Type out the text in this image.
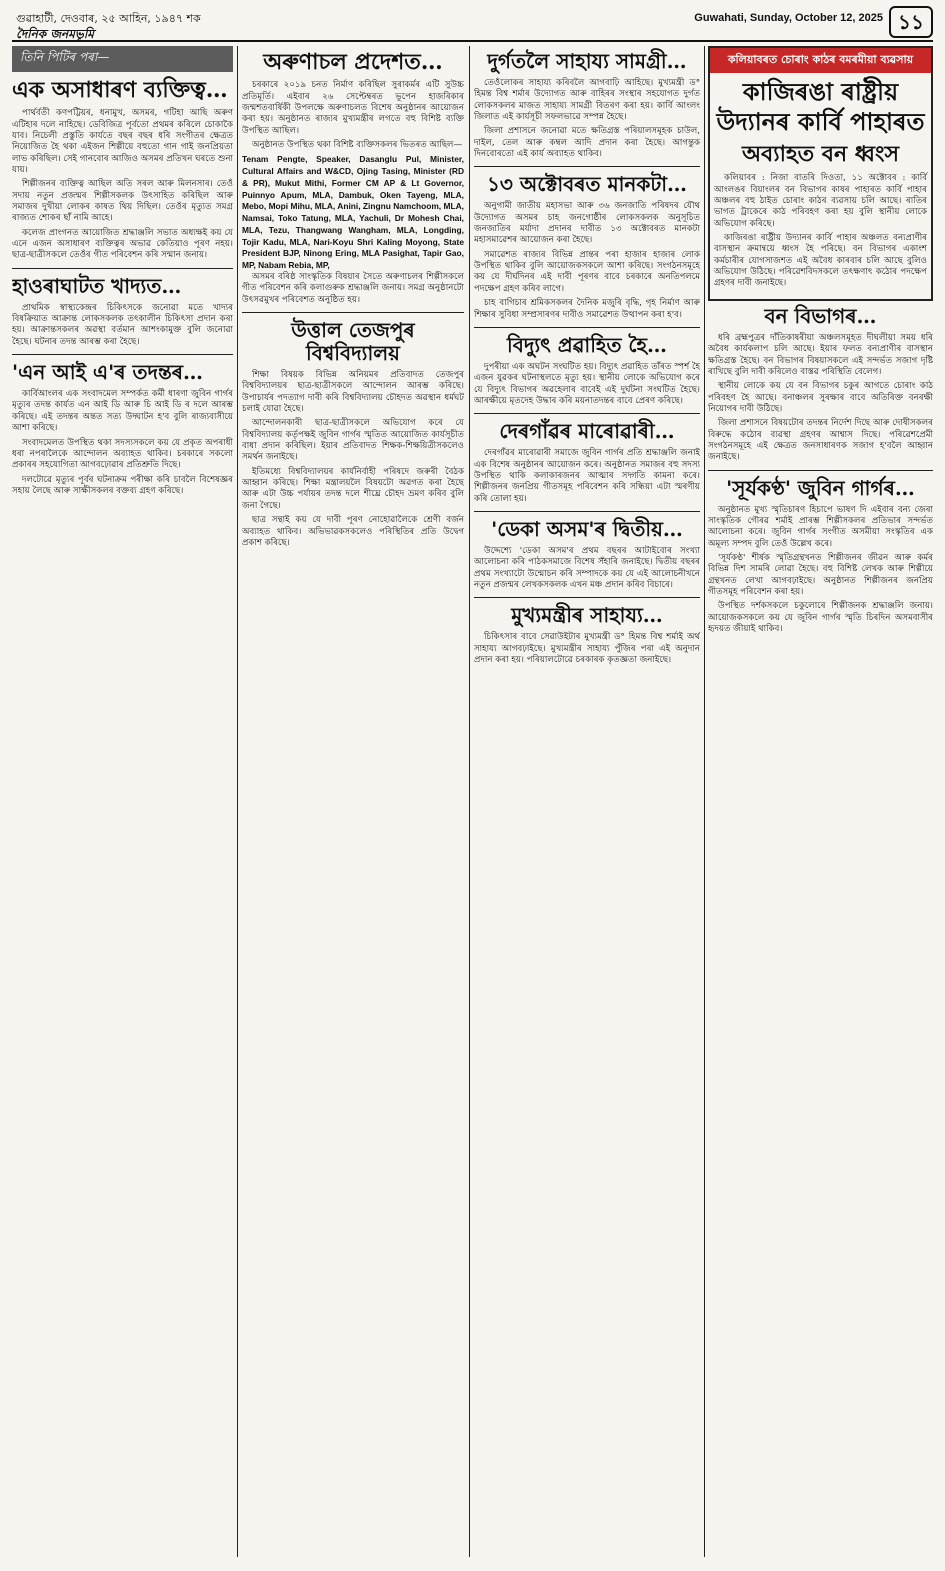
গুৱাহাটী, দেওবাৰ, ২৫ আহিন, ১৯৪৭ শক
দৈনিক জনমভূমি
Guwahati, Sunday, October 12, 2025 ১১
তিনি পিটিৰ পৰা—
এক অসাধাৰণ ব্যক্তিত্ব…

পাৰ্থৰ্বতী কণপট্টিয়ৰ, ধনামুখ, অসমৰ, গটিহা আছি অৰুণ এটিহাৰ দলে নাহিছে। ডেবিজিত্ৰ পূৰ্বতো প্ৰথমৰ কৰিলে চোকাকৈ যাব। নিচেলী প্ৰস্তুতি কাৰ্যতে বছৰ বছৰ ধৰি সংগীতৰ ক্ষেত্ৰত নিয়োজিত হৈ থকা এইজন শিল্পীয়ে বহুতো গান গাই জনপ্ৰিয়তা লাভ কৰিছিল। সেই গানবোৰ আজিও অসমৰ প্ৰতিখন ঘৰতে শুনা যায়।

শিল্পীজনৰ ব্যক্তিত্ব আছিল অতি সৰল আৰু মিলনসাৰ। তেওঁ সদায় নতুন প্ৰজন্মৰ শিল্পীসকলক উৎসাহিত কৰিছিল আৰু সমাজৰ দুখীয়া লোকৰ কাষত থিয় দিছিল। তেওঁৰ মৃত্যুত সমগ্ৰ ৰাজ্যত শোকৰ ছাঁ নামি আহে।

কলেজ প্ৰাংগনত আয়োজিত শ্ৰদ্ধাঞ্জলি সভাত অধ্যক্ষই কয় যে এনে এজন অসাধাৰণ ব্যক্তিত্বৰ অভাৱ কেতিয়াও পূৰণ নহয়। ছাত্ৰ-ছাত্ৰীসকলে তেওঁৰ গীত পৰিবেশন কৰি সন্মান জনায়।

হাওৰাঘাটত খাদ্যত…

প্ৰাথমিক স্বাস্থ্যকেন্দ্ৰৰ চিকিৎসকে জনোৱা মতে খাদ্যৰ বিষক্ৰিয়াত আক্ৰান্ত লোকসকলক তৎকালীন চিকিৎসা প্ৰদান কৰা হয়। আক্ৰান্তসকলৰ অৱস্থা বৰ্তমান আশংকামুক্ত বুলি জনোৱা হৈছে। ঘটনাৰ তদন্ত আৰম্ভ কৰা হৈছে।

'এন আই এ'ৰ তদন্তৰ…

কাৰ্বিআংলৰ এক সংবাদমেল সম্পৰ্কত কৰ্মী ধাৰণা জুবিন গাৰ্গৰ মৃত্যুৰ তদন্ত কাৰ্যত এন আই ডি আৰু চি আই ডি ৰ দলে আৰম্ভ কৰিছে। এই তদন্তৰ অন্তত সত্য উদ্ঘাটন হ'ব বুলি ৰাজ্যবাসীয়ে আশা কৰিছে।

সংবাদমেলত উপস্থিত থকা সদস্যসকলে কয় যে প্ৰকৃত অপৰাধী ধৰা নপৰালৈকে আন্দোলন অব্যাহত থাকিব। চৰকাৰে সকলো প্ৰকাৰৰ সহযোগিতা আগবঢ়োৱাৰ প্ৰতিশ্ৰুতি দিছে।

দলটোৱে মৃত্যুৰ পূৰ্বৰ ঘটনাক্ৰম পৰীক্ষা কৰি চাবলৈ বিশেষজ্ঞৰ সহায় লৈছে আৰু সাক্ষীসকলৰ বক্তব্য গ্ৰহণ কৰিছে।

অৰুণাচল প্ৰদেশত…

চৰকাৰে ২০১৯ চনত নিৰ্মাণ কৰিছিল সুৰাকৰ্মৰ এটি সুউচ্চ প্ৰতিমূৰ্তি। এইবাৰ ২৬ সেপ্টেম্বৰত ভূপেন হাজৰিকাৰ জন্মশতবাৰ্ষিকী উপলক্ষে অৰুণাচলত বিশেষ অনুষ্ঠানৰ আয়োজন কৰা হয়। অনুষ্ঠানত ৰাজ্যৰ মুখ্যমন্ত্ৰীৰ লগতে বহু বিশিষ্ট ব্যক্তি উপস্থিত আছিল।

অনুষ্ঠানত উপস্থিত থকা বিশিষ্ট ব্যক্তিসকলৰ ভিতৰত আছিল—

Tenam Pengte, Speaker, Dasanglu Pul, Minister, Cultural Affairs and W&CD, Ojing Tasing, Minister (RD & PR), Mukut Mithi, Former CM AP & Lt Governor, Puinnyo Apum, MLA, Dambuk, Oken Tayeng, MLA, Mebo, Mopi Mihu, MLA, Anini, Zingnu Namchoom, MLA, Namsai, Toko Tatung, MLA, Yachuli, Dr Mohesh Chai, MLA, Tezu, Thangwang Wangham, MLA, Longding, Tojir Kadu, MLA, Nari-Koyu Shri Kaling Moyong, State President BJP, Ninong Ering, MLA Pasighat, Tapir Gao, MP, Nabam Rebia, MP,

অসমৰ বৰিষ্ঠ সাংস্কৃতিক বিষয়াৰ সৈতে অৰুণাচলৰ শিল্পীসকলে গীত পৰিবেশন কৰি কলাগুৰুক শ্ৰদ্ধাঞ্জলি জনায়। সমগ্ৰ অনুষ্ঠানটো উৎসৱমুখৰ পৰিবেশত অনুষ্ঠিত হয়।

উত্তাল তেজপুৰ বিশ্ববিদ্যালয়

শিক্ষা বিষয়ক বিভিন্ন অনিয়মৰ প্ৰতিবাদত তেজপুৰ বিশ্ববিদ্যালয়ৰ ছাত্ৰ-ছাত্ৰীসকলে আন্দোলন আৰম্ভ কৰিছে। উপাচাৰ্যৰ পদত্যাগ দাবী কৰি বিশ্ববিদ্যালয় চৌহদত অৱস্থান ধৰ্মঘট চলাই যোৱা হৈছে।

আন্দোলনকাৰী ছাত্ৰ-ছাত্ৰীসকলে অভিযোগ কৰে যে বিশ্ববিদ্যালয় কৰ্তৃপক্ষই জুবিন গাৰ্গৰ স্মৃতিত আয়োজিত কাৰ্যসূচীত বাধা প্ৰদান কৰিছিল। ইয়াৰ প্ৰতিবাদত শিক্ষক-শিক্ষয়িত্ৰীসকলেও সমৰ্থন জনাইছে।

ইতিমধ্যে বিশ্ববিদ্যালয়ৰ কাৰ্যনিৰ্বাহী পৰিষদে জৰুৰী বৈঠক আহ্বান কৰিছে। শিক্ষা মন্ত্ৰালয়লৈ বিষয়টো অৱগত কৰা হৈছে আৰু এটা উচ্চ পৰ্যায়ৰ তদন্ত দলে শীঘ্ৰে চৌহদ ভ্ৰমণ কৰিব বুলি জনা গৈছে।

ছাত্ৰ সন্থাই কয় যে দাবী পূৰণ নোহোৱালৈকে শ্ৰেণী বৰ্জন অব্যাহত থাকিব। অভিভাৱকসকলেও পৰিস্থিতিৰ প্ৰতি উদ্বেগ প্ৰকাশ কৰিছে।

দুৰ্গতলৈ সাহায্য সামগ্ৰী…

তেওঁলোকৰ সাহায্য কৰিবলৈ আগবাঢ়ি আহিছে। মুখ্যমন্ত্ৰী ড° হিমন্ত বিশ্ব শৰ্মাৰ উদ্যোগত আৰু বাহিৰৰ সংস্থাৰ সহযোগত দুৰ্গত লোকসকলৰ মাজত সাহায্য সামগ্ৰী বিতৰণ কৰা হয়। কাৰ্বি আংলং জিলাত এই কাৰ্যসূচী সফলভাৱে সম্পন্ন হৈছে।

জিলা প্ৰশাসনে জনোৱা মতে ক্ষতিগ্ৰস্ত পৰিয়ালসমূহক চাউল, দাইল, তেল আৰু কম্বল আদি প্ৰদান কৰা হৈছে। আগন্তুক দিনবোৰতো এই কাৰ্য অব্যাহত থাকিব।

১৩ অক্টোবৰত মানকটা…

অনুগামী জাতীয় মহাসভা আৰু ৩৬ জনজাতি পৰিষদৰ যৌথ উদ্যোগত অসমৰ চাহ জনগোষ্ঠীৰ লোকসকলক অনুসূচিত জনজাতিৰ মৰ্যাদা প্ৰদানৰ দাবীত ১৩ অক্টোবৰত মানকটা মহাসমাৱেশৰ আয়োজন কৰা হৈছে।

সমাৱেশত ৰাজ্যৰ বিভিন্ন প্ৰান্তৰ পৰা হাজাৰ হাজাৰ লোক উপস্থিত থাকিব বুলি আয়োজকসকলে আশা কৰিছে। সংগঠনসমূহে কয় যে দীৰ্ঘদিনৰ এই দাবী পূৰণৰ বাবে চৰকাৰে অনতিপলমে পদক্ষেপ গ্ৰহণ কৰিব লাগে।

চাহ বাগিচাৰ শ্ৰমিকসকলৰ দৈনিক মজুৰি বৃদ্ধি, গৃহ নিৰ্মাণ আৰু শিক্ষাৰ সুবিধা সম্প্ৰসাৰণৰ দাবীও সমাৱেশত উত্থাপন কৰা হ'ব।

বিদ্যুৎ প্ৰৱাহিত হৈ…

দুপৰীয়া এক অঘটন সংঘটিত হয়। বিদ্যুৎ প্ৰৱাহিত তাঁৰত স্পৰ্শ হৈ এজন যুৱকৰ ঘটনাস্থলতে মৃত্যু হয়। স্থানীয় লোকে অভিযোগ কৰে যে বিদ্যুৎ বিভাগৰ অৱহেলাৰ বাবেই এই দুৰ্ঘটনা সংঘটিত হৈছে। আৰক্ষীয়ে মৃতদেহ উদ্ধাৰ কৰি ময়নাতদন্তৰ বাবে প্ৰেৰণ কৰিছে।

দেৰগাঁৱৰ মাৰোৱাৰী…

দেৰগাঁৱৰ মাৰোৱাৰী সমাজে জুবিন গাৰ্গৰ প্ৰতি শ্ৰদ্ধাঞ্জলি জনাই এক বিশেষ অনুষ্ঠানৰ আয়োজন কৰে। অনুষ্ঠানত সমাজৰ বহু সদস্য উপস্থিত থাকি কলাকাৰজনৰ আত্মাৰ সদ্গতি কামনা কৰে। শিল্পীজনৰ জনপ্ৰিয় গীতসমূহ পৰিবেশন কৰি সন্ধিয়া এটা স্মৰণীয় কৰি তোলা হয়।

'ডেকা অসম'ৰ দ্বিতীয়…

উদ্দেশ্যে 'ডেকা অসম'ৰ প্ৰথম বছৰৰ আটাইবোৰ সংখ্যা আলোচনা কৰি পাঠকসমাজে বিশেষ সঁহাৰি জনাইছে। দ্বিতীয় বছৰৰ প্ৰথম সংখ্যাটো উন্মোচন কৰি সম্পাদকে কয় যে এই আলোচনীখনে নতুন প্ৰজন্মৰ লেখকসকলক এখন মঞ্চ প্ৰদান কৰিব বিচাৰে।

মুখ্যমন্ত্ৰীৰ সাহায্য…

চিকিৎসাৰ বাবে সেৱাউইটাৰ মুখ্যমন্ত্ৰী ড° হিমন্ত বিশ্ব শৰ্মাই অৰ্থ সাহায্য আগবঢ়াইছে। মুখ্যমন্ত্ৰীৰ সাহায্য পুঁজিৰ পৰা এই অনুদান প্ৰদান কৰা হয়। পৰিয়ালটোৱে চৰকাৰক কৃতজ্ঞতা জনাইছে।

কলিয়াবৰত চোৰাং কাঠৰ বমৰমীয়া ব্যৱসায়
কাজিৰঙা ৰাষ্ট্ৰীয় উদ্যানৰ কাৰ্বি পাহাৰত
অব্যাহত বন ধ্বংস

কলিয়াবৰ : নিজা বাতৰি দিওতা, ১১ অক্টোবৰ : কাৰ্বি আংলঙৰ বিয়াংলৰ বন বিভাগৰ কাষৰ পাহাৰত কাৰ্বি পাহাৰ অঞ্চলৰ বহু ঠাইত চোৰাং কাঠৰ ব্যৱসায় চলি আছে। ৰাতিৰ ভাগত ট্ৰাকেৰে কাঠ পৰিবহণ কৰা হয় বুলি স্থানীয় লোকে অভিযোগ কৰিছে।

কাজিৰঙা ৰাষ্ট্ৰীয় উদ্যানৰ কাৰ্বি পাহাৰ অঞ্চলত বন্যপ্ৰাণীৰ বাসস্থান ক্ৰমান্বয়ে ধ্বংস হৈ পৰিছে। বন বিভাগৰ একাংশ কৰ্মচাৰীৰ যোগসাজশত এই অবৈধ কাৰবাৰ চলি আছে বুলিও অভিযোগ উঠিছে। পৰিৱেশবিদসকলে তৎক্ষণাৎ কঠোৰ পদক্ষেপ গ্ৰহণৰ দাবী জনাইছে।

বন বিভাগৰ…

ধৰি ব্ৰহ্মপুত্ৰৰ দাঁতিকাষৰীয়া অঞ্চলসমূহত দীঘলীয়া সময় ধৰি অবৈধ কাৰ্যকলাপ চলি আছে। ইয়াৰ ফলত বন্যপ্ৰাণীৰ বাসস্থান ক্ষতিগ্ৰস্ত হৈছে। বন বিভাগৰ বিষয়াসকলে এই সন্দৰ্ভত সজাগ দৃষ্টি ৰাখিছে বুলি দাবী কৰিলেও বাস্তৱ পৰিস্থিতি বেলেগ।

স্থানীয় লোকে কয় যে বন বিভাগৰ চকুৰ আগতে চোৰাং কাঠ পৰিবহণ হৈ আছে। বনাঞ্চলৰ সুৰক্ষাৰ বাবে অতিৰিক্ত বনৰক্ষী নিয়োগৰ দাবী উঠিছে।

জিলা প্ৰশাসনে বিষয়টোৰ তদন্তৰ নিৰ্দেশ দিছে আৰু দোষীসকলৰ বিৰুদ্ধে কঠোৰ ব্যৱস্থা গ্ৰহণৰ আশ্বাস দিছে। পৰিৱেশপ্ৰেমী সংগঠনসমূহে এই ক্ষেত্ৰত জনসাধাৰণক সজাগ হ'বলৈ আহ্বান জনাইছে।

'সূৰ্যকণ্ঠ' জুবিন গাৰ্গৰ…

অনুষ্ঠানত মুখ্য স্মৃতিচাৰণ হিচাপে ভাষণ দি এইবাৰ বন্য জেৰা সাংস্কৃতিক গৌৰৱ শৰ্মাই প্ৰাৰম্ভ শিল্পীসকলৰ প্ৰতিভাৰ সন্দৰ্ভত আলোচনা কৰে। জুবিন গাৰ্গৰ সংগীত অসমীয়া সংস্কৃতিৰ এক অমূল্য সম্পদ বুলি তেওঁ উল্লেখ কৰে।

'সূৰ্যকণ্ঠ' শীৰ্ষক স্মৃতিগ্ৰন্থখনত শিল্পীজনৰ জীৱন আৰু কৰ্মৰ বিভিন্ন দিশ সামৰি লোৱা হৈছে। বহু বিশিষ্ট লেখক আৰু শিল্পীয়ে গ্ৰন্থখনত লেখা আগবঢ়াইছে। অনুষ্ঠানত শিল্পীজনৰ জনপ্ৰিয় গীতসমূহ পৰিবেশন কৰা হয়।

উপস্থিত দৰ্শকসকলে চকুলোৰে শিল্পীজনক শ্ৰদ্ধাঞ্জলি জনায়। আয়োজকসকলে কয় যে জুবিন গাৰ্গৰ স্মৃতি চিৰদিন অসমবাসীৰ হৃদয়ত জীয়াই থাকিব।
